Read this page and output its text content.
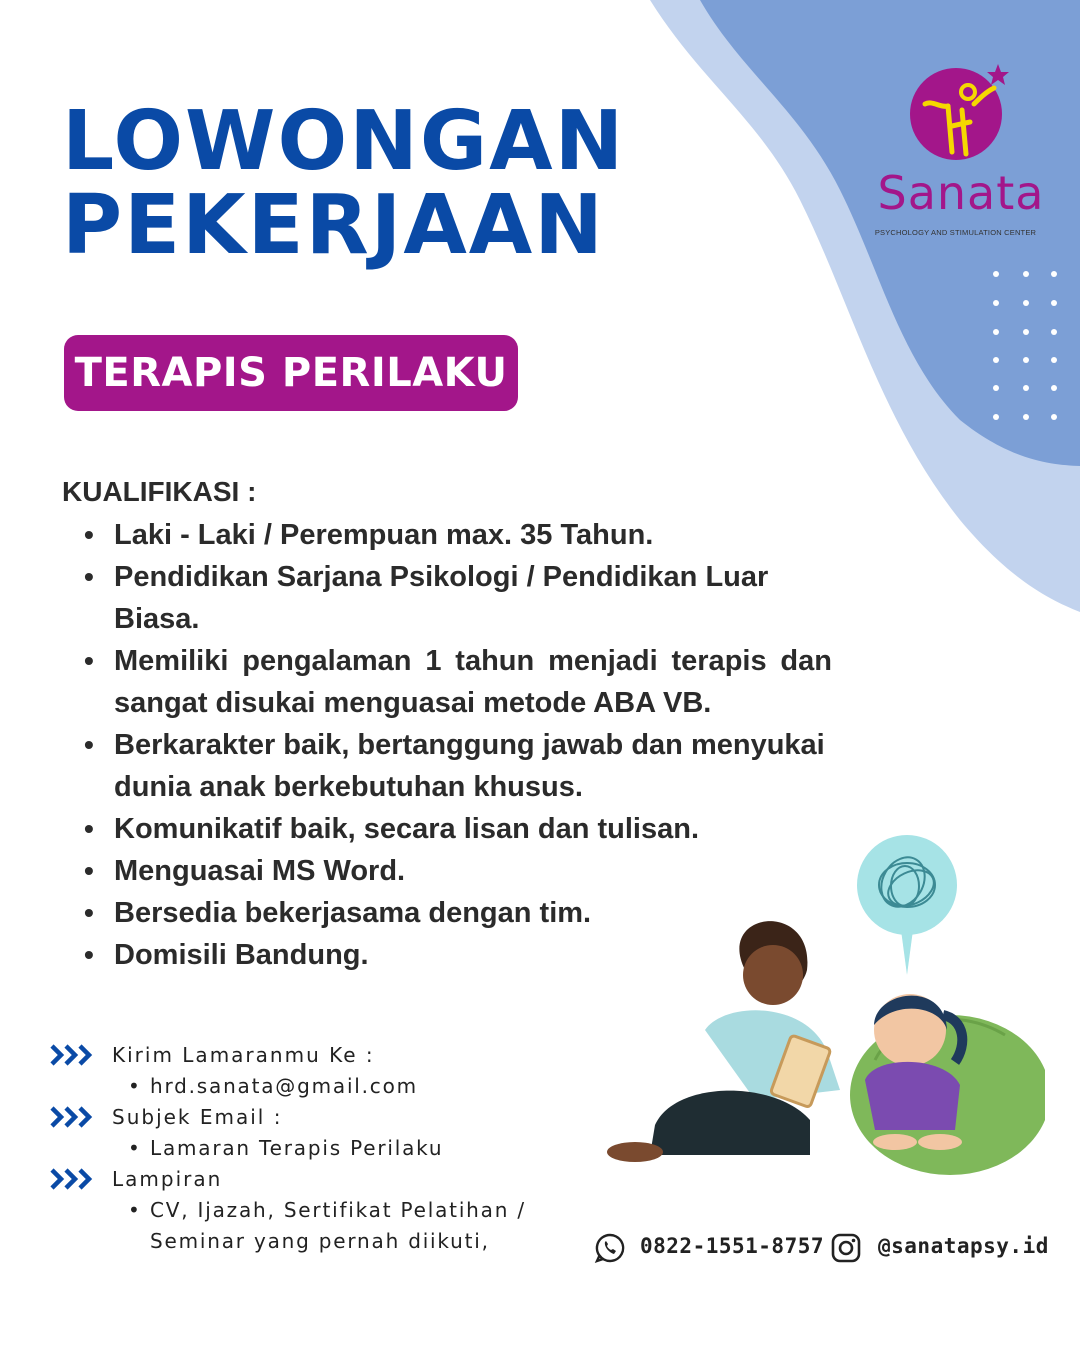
LOWONGAN
PEKERJAAN
TERAPIS PERILAKU
Sanata
PSYCHOLOGY AND STIMULATION CENTER
KUALIFIKASI :
• Laki - Laki / Perempuan max. 35 Tahun.
• Pendidikan Sarjana Psikologi / Pendidikan Luar Biasa.
• Memiliki pengalaman 1 tahun menjadi terapis dan sangat disukai menguasai metode ABA VB.
• Berkarakter baik, bertanggung jawab dan menyukai dunia anak berkebutuhan khusus.
• Komunikatif baik, secara lisan dan tulisan.
• Menguasai MS Word.
• Bersedia bekerjasama dengan tim.
• Domisili Bandung.
Kirim Lamaranmu Ke :
• hrd.sanata@gmail.com
Subjek Email :
• Lamaran Terapis Perilaku
Lampiran
• CV, Ijazah, Sertifikat Pelatihan /
Seminar yang pernah diikuti,	0822-1551-8757	@sanatapsy.id
